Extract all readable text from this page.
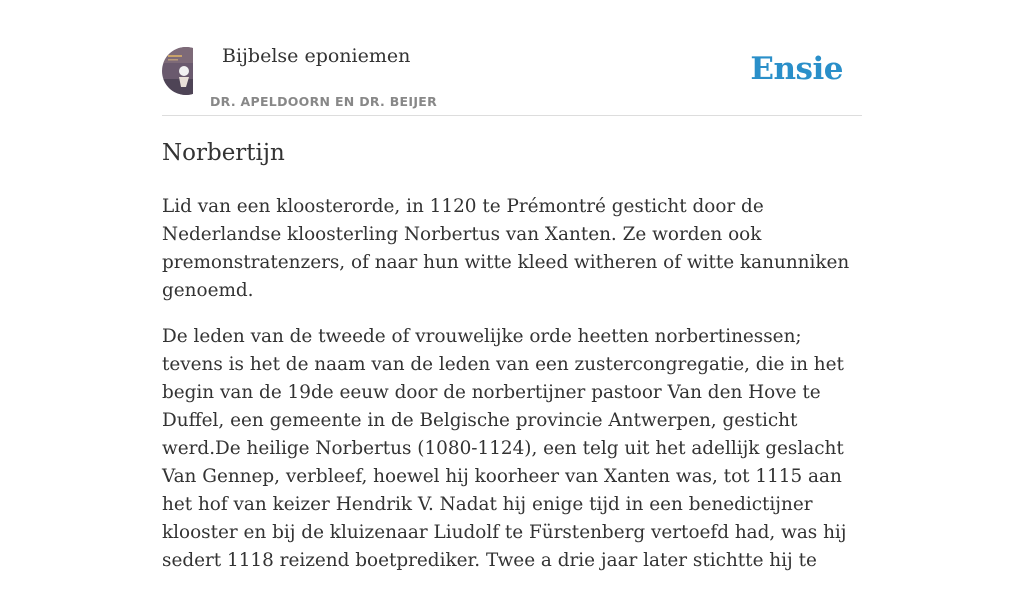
Bijbelse eponiemen
DR. APELDOORN EN DR. BEIJER
Ensie
Norbertijn

Lid van een kloosterorde, in 1120 te Prémontré gesticht door de Nederlandse kloosterling Norbertus van Xanten. Ze worden ook premonstratenzers, of naar hun witte kleed witheren of witte kanunniken genoemd.

De leden van de tweede of vrouwelijke orde heetten norbertinessen; tevens is het de naam van de leden van een zustercongregatie, die in het begin van de 19de eeuw door de norbertijner pastoor Van den Hove te Duffel, een gemeente in de Belgische provincie Antwerpen, gesticht werd.De heilige Norbertus (1080-1124), een telg uit het adellijk geslacht Van Gennep, verbleef, hoewel hij koorheer van Xanten was, tot 1115 aan het hof van keizer Hendrik V. Nadat hij enige tijd in een benedictijner klooster en bij de kluizenaar Liudolf te Fürstenberg vertoefd had, was hij sedert 1118 reizend boetprediker. Twee a drie jaar later stichtte hij te
